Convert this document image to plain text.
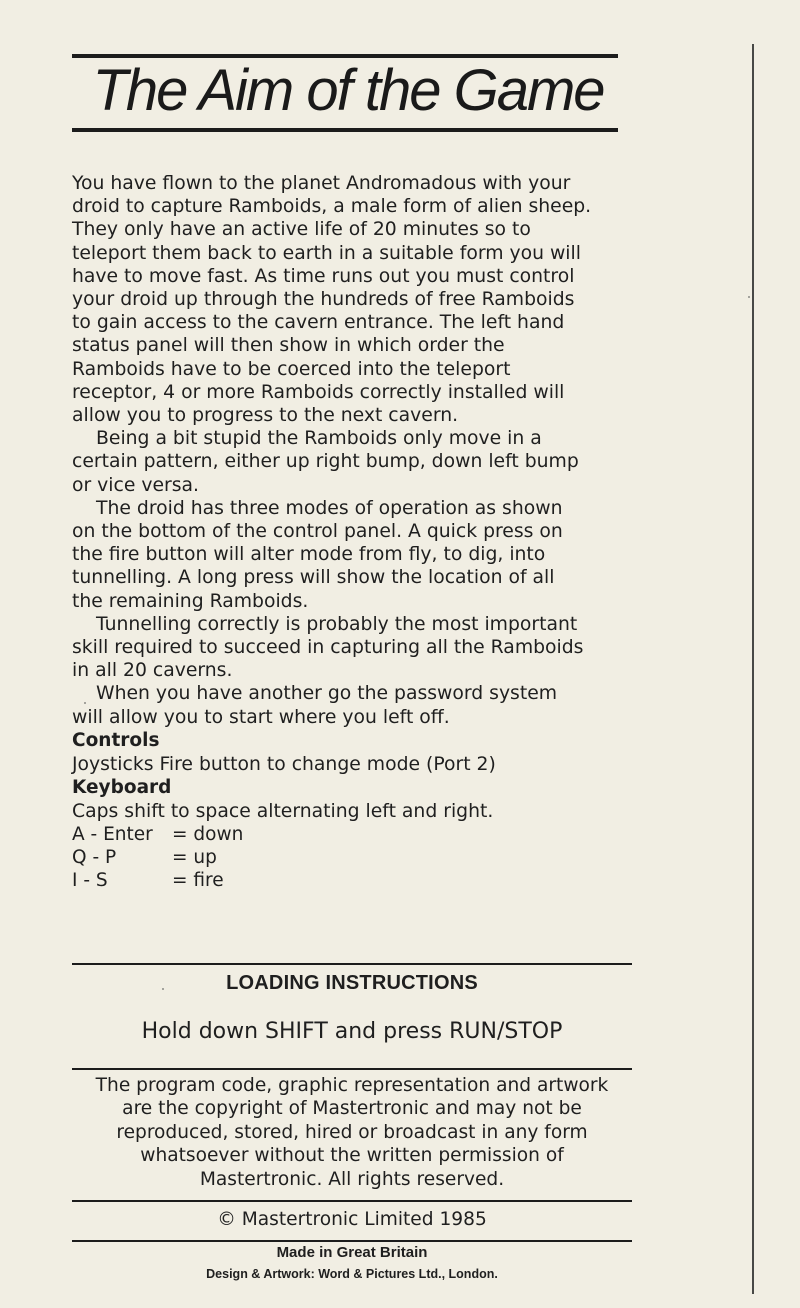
The Aim of the Game

You have flown to the planet Andromadous with your

droid to capture Ramboids, a male form of alien sheep.

They only have an active life of 20 minutes so to

teleport them back to earth in a suitable form you will

have to move fast. As time runs out you must control

your droid up through the hundreds of free Ramboids

to gain access to the cavern entrance. The left hand

status panel will then show in which order the

Ramboids have to be coerced into the teleport

receptor, 4 or more Ramboids correctly installed will

allow you to progress to the next cavern.

Being a bit stupid the Ramboids only move in a

certain pattern, either up right bump, down left bump

or vice versa.

The droid has three modes of operation as shown

on the bottom of the control panel. A quick press on

the fire button will alter mode from fly, to dig, into

tunnelling. A long press will show the location of all

the remaining Ramboids.

Tunnelling correctly is probably the most important

skill required to succeed in capturing all the Ramboids

in all 20 caverns.

When you have another go the password system

will allow you to start where you left off.

Controls

Joysticks Fire button to change mode (Port 2)

Keyboard

Caps shift to space alternating left and right.

A - Enter	= down
Q - P	= up
I - S	= fire
LOADING INSTRUCTIONS
Hold down SHIFT and press RUN/STOP

The program code, graphic representation and artwork

are the copyright of Mastertronic and may not be

reproduced, stored, hired or broadcast in any form

whatsoever without the written permission of

Mastertronic. All rights reserved.

© Mastertronic Limited 1985
Made in Great Britain
Design & Artwork: Word & Pictures Ltd., London.
